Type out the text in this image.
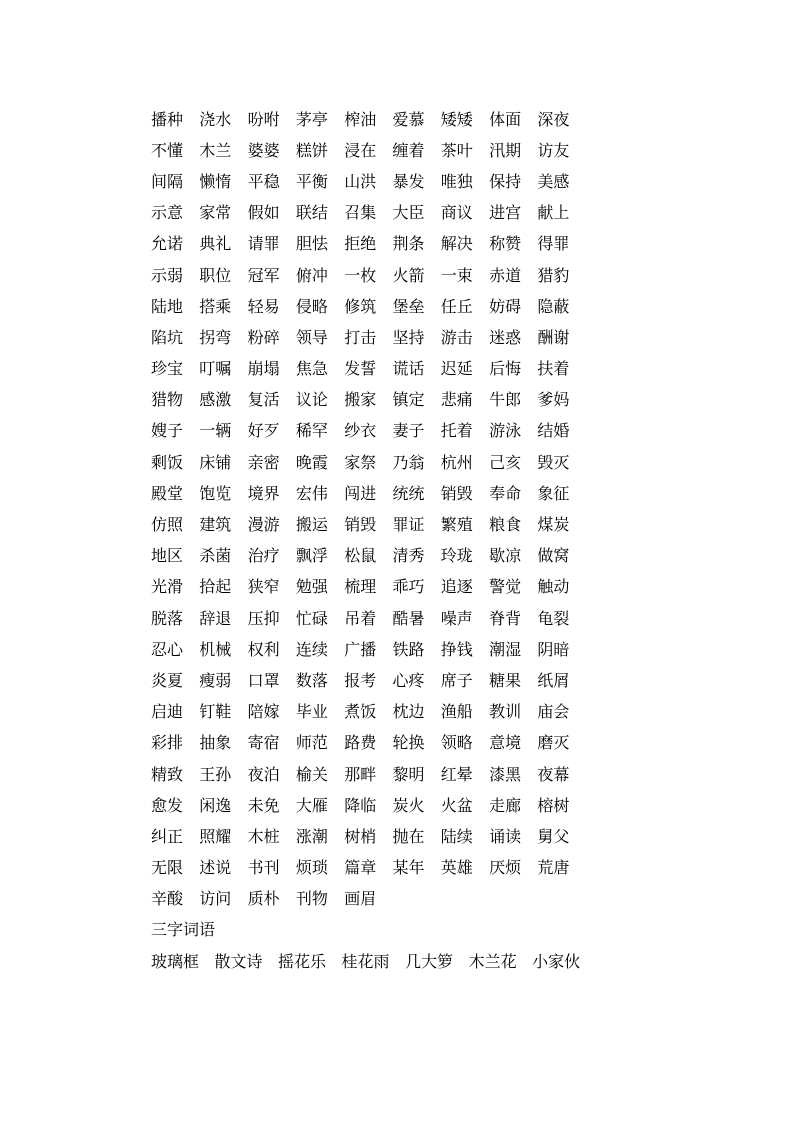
播种	浇水	吩咐	茅亭	榨油	爱慕	矮矮	体面	深夜
不懂	木兰	婆婆	糕饼	浸在	缠着	茶叶	汛期	访友
间隔	懒惰	平稳	平衡	山洪	暴发	唯独	保持	美感
示意	家常	假如	联结	召集	大臣	商议	进宫	献上
允诺	典礼	请罪	胆怯	拒绝	荆条	解决	称赞	得罪
示弱	职位	冠军	俯冲	一枚	火箭	一束	赤道	猎豹
陆地	搭乘	轻易	侵略	修筑	堡垒	任丘	妨碍	隐蔽
陷坑	拐弯	粉碎	领导	打击	坚持	游击	迷惑	酬谢
珍宝	叮嘱	崩塌	焦急	发誓	谎话	迟延	后悔	扶着
猎物	感激	复活	议论	搬家	镇定	悲痛	牛郎	爹妈
嫂子	一辆	好歹	稀罕	纱衣	妻子	托着	游泳	结婚
剩饭	床铺	亲密	晚霞	家祭	乃翁	杭州	己亥	毁灭
殿堂	饱览	境界	宏伟	闯进	统统	销毁	奉命	象征
仿照	建筑	漫游	搬运	销毁	罪证	繁殖	粮食	煤炭
地区	杀菌	治疗	飘浮	松鼠	清秀	玲珑	歇凉	做窝
光滑	拾起	狭窄	勉强	梳理	乖巧	追逐	警觉	触动
脱落	辞退	压抑	忙碌	吊着	酷暑	噪声	脊背	龟裂
忍心	机械	权利	连续	广播	铁路	挣钱	潮湿	阴暗
炎夏	瘦弱	口罩	数落	报考	心疼	席子	糖果	纸屑
启迪	钉鞋	陪嫁	毕业	煮饭	枕边	渔船	教训	庙会
彩排	抽象	寄宿	师范	路费	轮换	领略	意境	磨灭
精致	王孙	夜泊	榆关	那畔	黎明	红晕	漆黑	夜幕
愈发	闲逸	未免	大雁	降临	炭火	火盆	走廊	榕树
纠正	照耀	木桩	涨潮	树梢	抛在	陆续	诵读	舅父
无限	述说	书刊	烦琐	篇章	某年	英雄	厌烦	荒唐
辛酸	访问	质朴	刊物	画眉
三字词语
玻璃框 散文诗 摇花乐 桂花雨 几大箩 木兰花 小家伙
